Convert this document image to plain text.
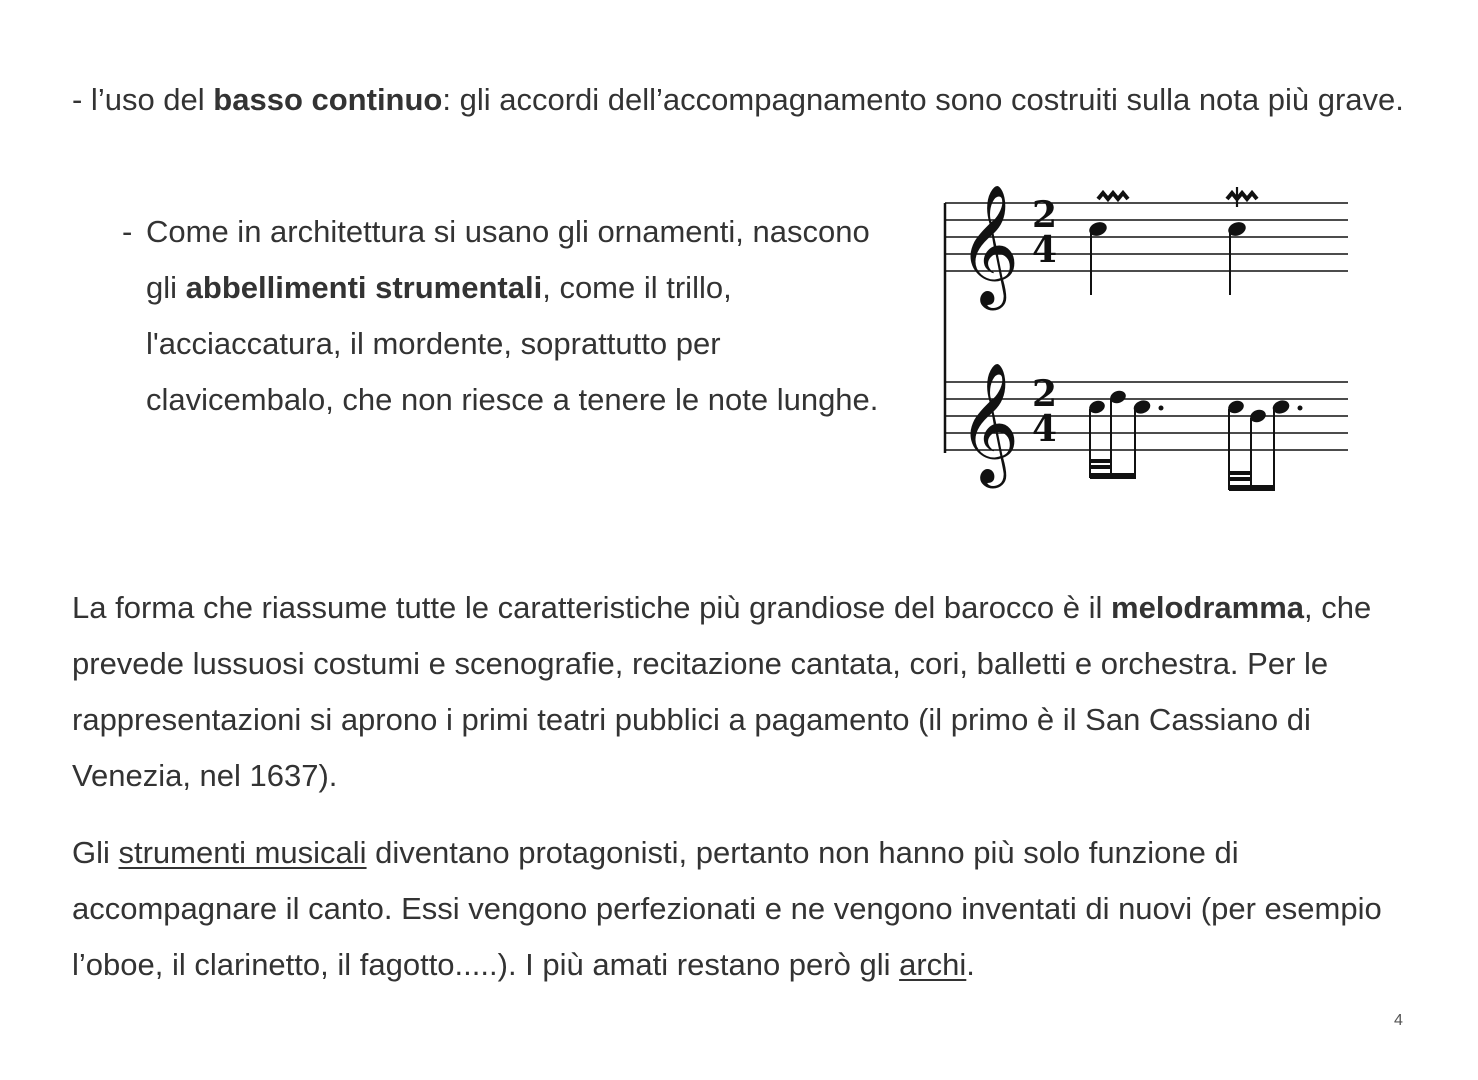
- l’uso del basso continuo: gli accordi dell’accompagnamento sono costruiti sulla nota più grave.

- Come in architettura si usano gli ornamenti, nascono gli abbellimenti strumentali, come il trillo, l'acciaccatura, il mordente, soprattutto per clavicembalo, che non riesce a tenere le note lunghe.
𝄞 2
4
𝄞 2
4

La forma che riassume tutte le caratteristiche più grandiose del barocco è il melodramma, che prevede lussuosi costumi e scenografie, recitazione cantata, cori, balletti e orchestra. Per le rappresentazioni si aprono i primi teatri pubblici a pagamento (il primo è il San Cassiano di Venezia, nel 1637).

Gli strumenti musicali diventano protagonisti, pertanto non hanno più solo funzione di accompagnare il canto. Essi vengono perfezionati e ne vengono inventati di nuovi (per esempio l’oboe, il clarinetto, il fagotto.....). I più amati restano però gli archi.

4
